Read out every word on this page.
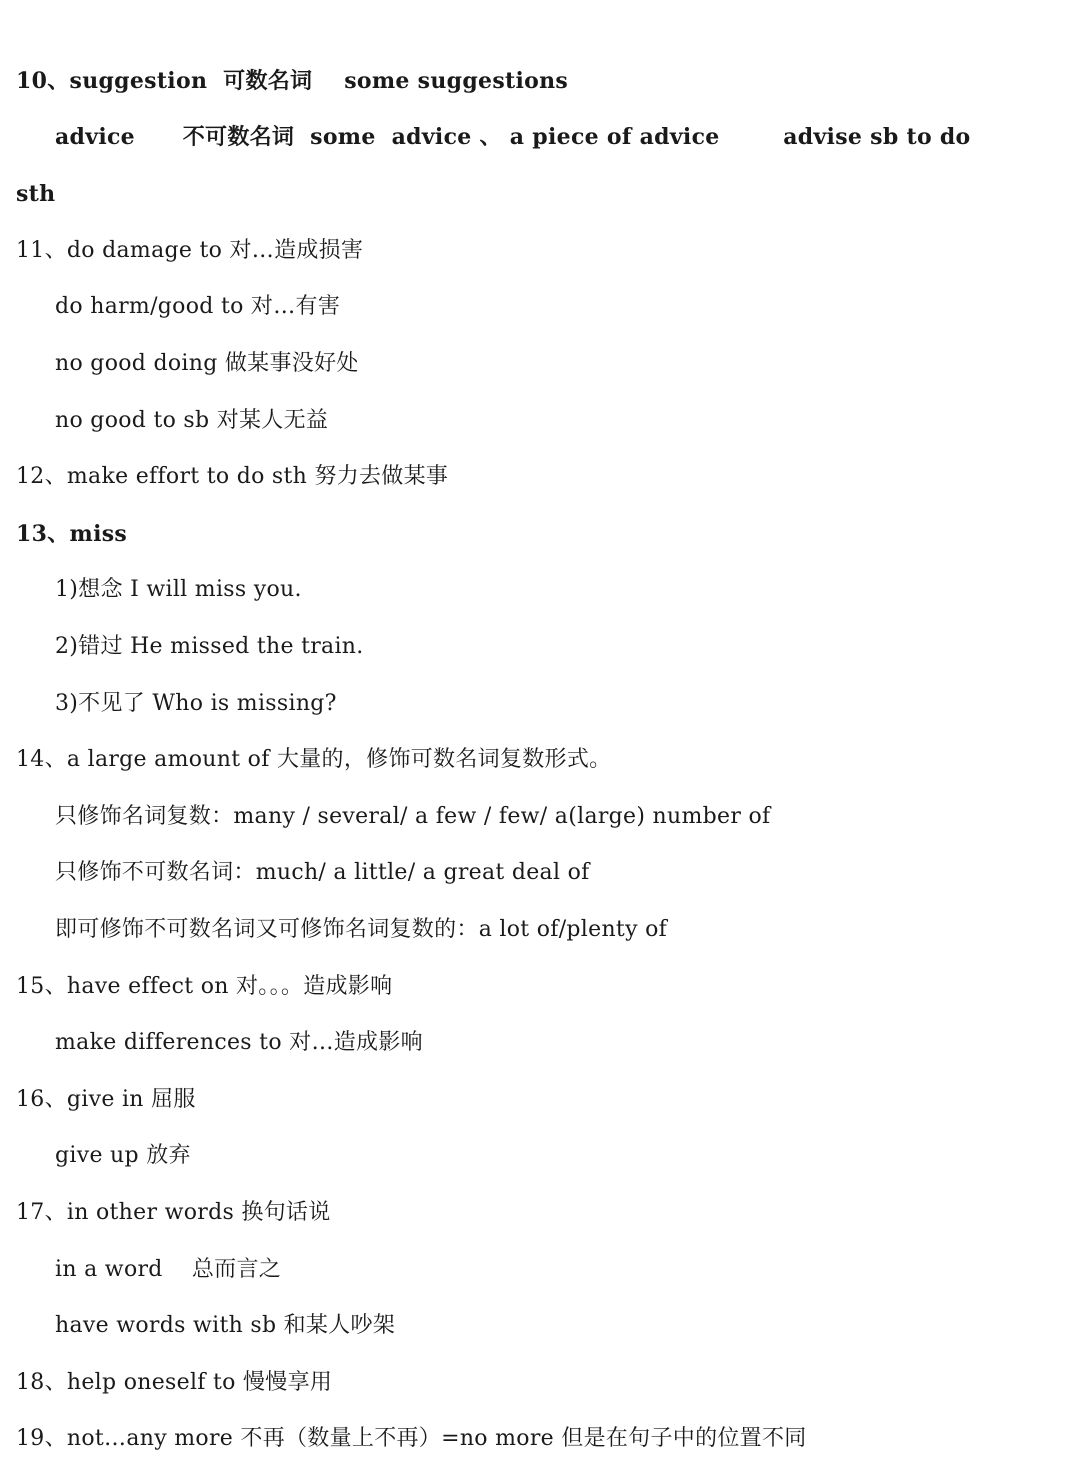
10、suggestion  可数名词    some suggestions
advice      不可数名词  some  advice 、 a piece of advice        advise sb to do
sth
11、do damage to 对…造成损害
do harm/good to 对…有害
no good doing 做某事没好处
no good to sb 对某人无益
12、make effort to do sth 努力去做某事
13、miss
1)想念 I will miss you.
2)错过 He missed the train.
3)不见了 Who is missing?
14、a large amount of 大量的，修饰可数名词复数形式。
只修饰名词复数：many / several/ a few / few/ a(large) number of
只修饰不可数名词：much/ a little/ a great deal of
即可修饰不可数名词又可修饰名词复数的：a lot of/plenty of
15、have effect on 对。。。造成影响
make differences to 对…造成影响
16、give in 屈服
give up 放弃
17、in other words 换句话说
in a word    总而言之
have words with sb 和某人吵架
18、help oneself to 慢慢享用
19、not…any more 不再（数量上不再）=no more 但是在句子中的位置不同
